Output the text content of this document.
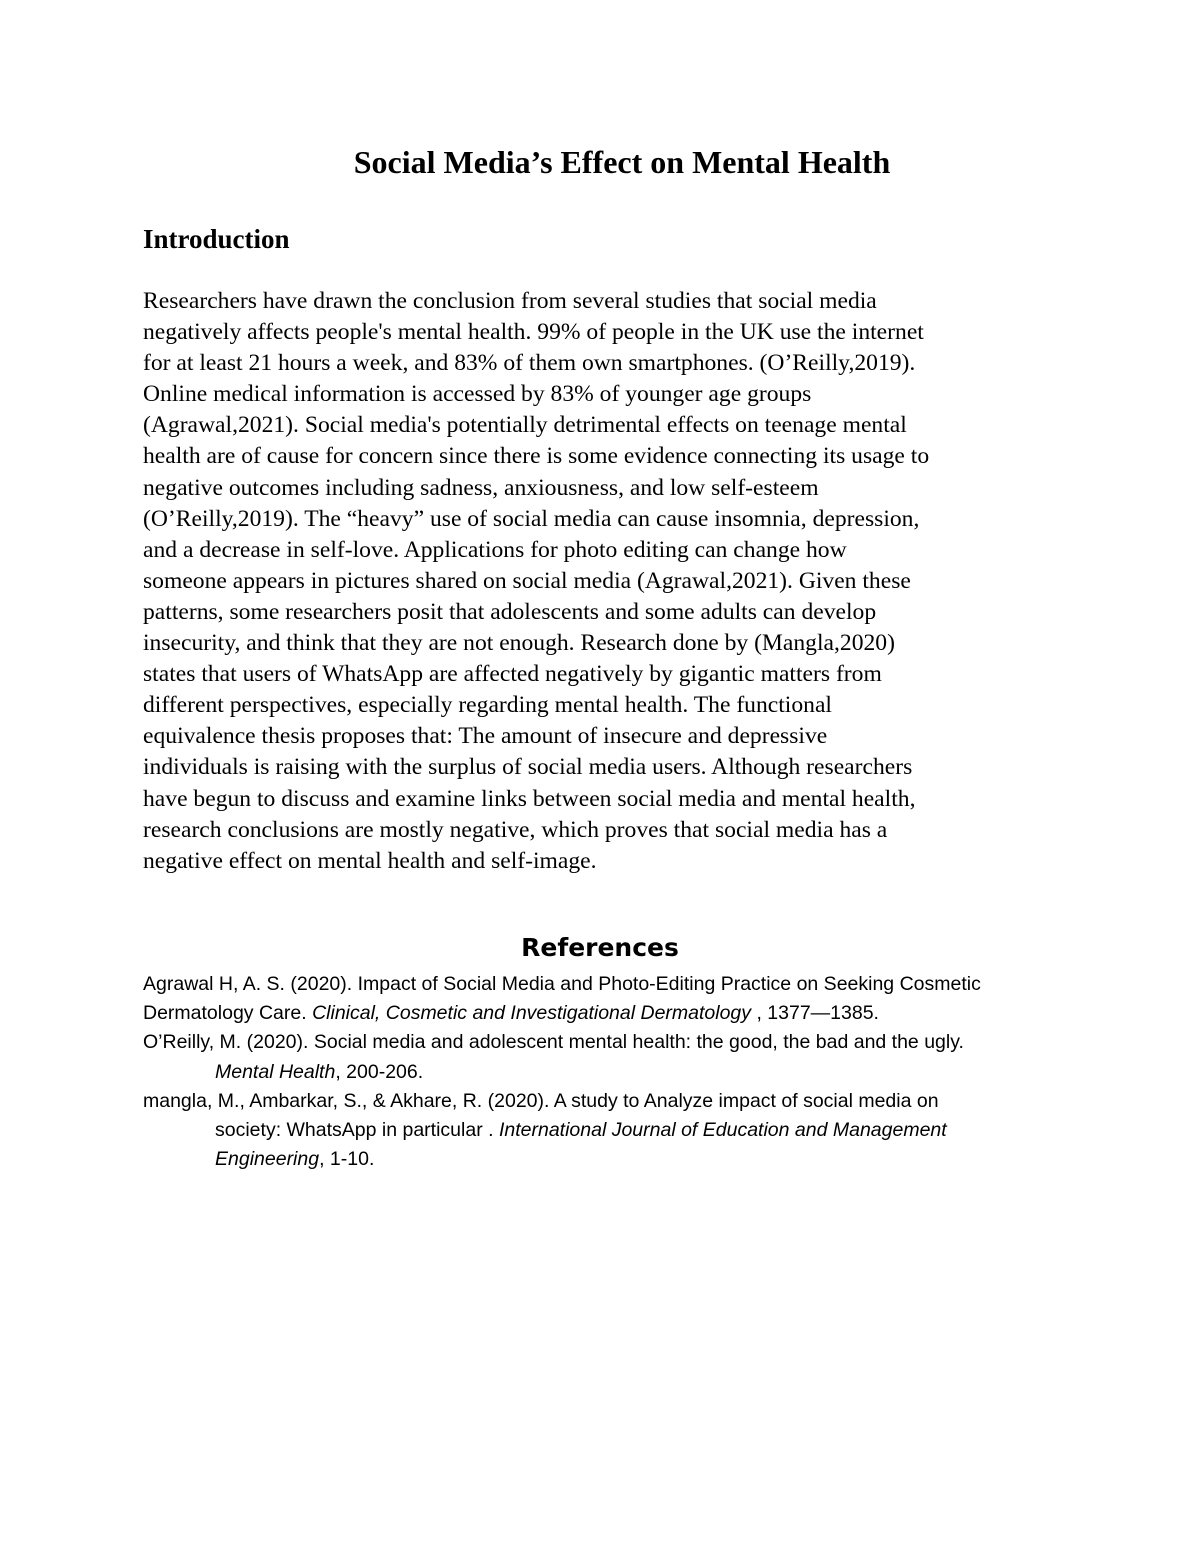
Social Media’s Effect on Mental Health
Introduction

Researchers have drawn the conclusion from several studies that social media
negatively affects people's mental health. 99% of people in the UK use the internet
for at least 21 hours a week, and 83% of them own smartphones. (O’Reilly,2019).
Online medical information is accessed by 83% of younger age groups
(Agrawal,2021). Social media's potentially detrimental effects on teenage mental
health are of cause for concern since there is some evidence connecting its usage to
negative outcomes including sadness, anxiousness, and low self-esteem
(O’Reilly,2019). The “heavy” use of social media can cause insomnia, depression,
and a decrease in self-love. Applications for photo editing can change how
someone appears in pictures shared on social media (Agrawal,2021). Given these
patterns, some researchers posit that adolescents and some adults can develop
insecurity, and think that they are not enough. Research done by (Mangla,2020)
states that users of WhatsApp are affected negatively by gigantic matters from
different perspectives, especially regarding mental health. The functional
equivalence thesis proposes that: The amount of insecure and depressive
individuals is raising with the surplus of social media users. Although researchers
have begun to discuss and examine links between social media and mental health,
research conclusions are mostly negative, which proves that social media has a
negative effect on mental health and self-image.

References
Agrawal H, A. S. (2020). Impact of Social Media and Photo-Editing Practice on Seeking Cosmetic
Dermatology Care. Clinical, Cosmetic and Investigational Dermatology , 1377—1385.
O’Reilly, M. (2020). Social media and adolescent mental health: the good, the bad and the ugly.
Mental Health, 200-206.
mangla, M., Ambarkar, S., & Akhare, R. (2020). A study to Analyze impact of social media on
society: WhatsApp in particular . International Journal of Education and Management
Engineering, 1-10.
